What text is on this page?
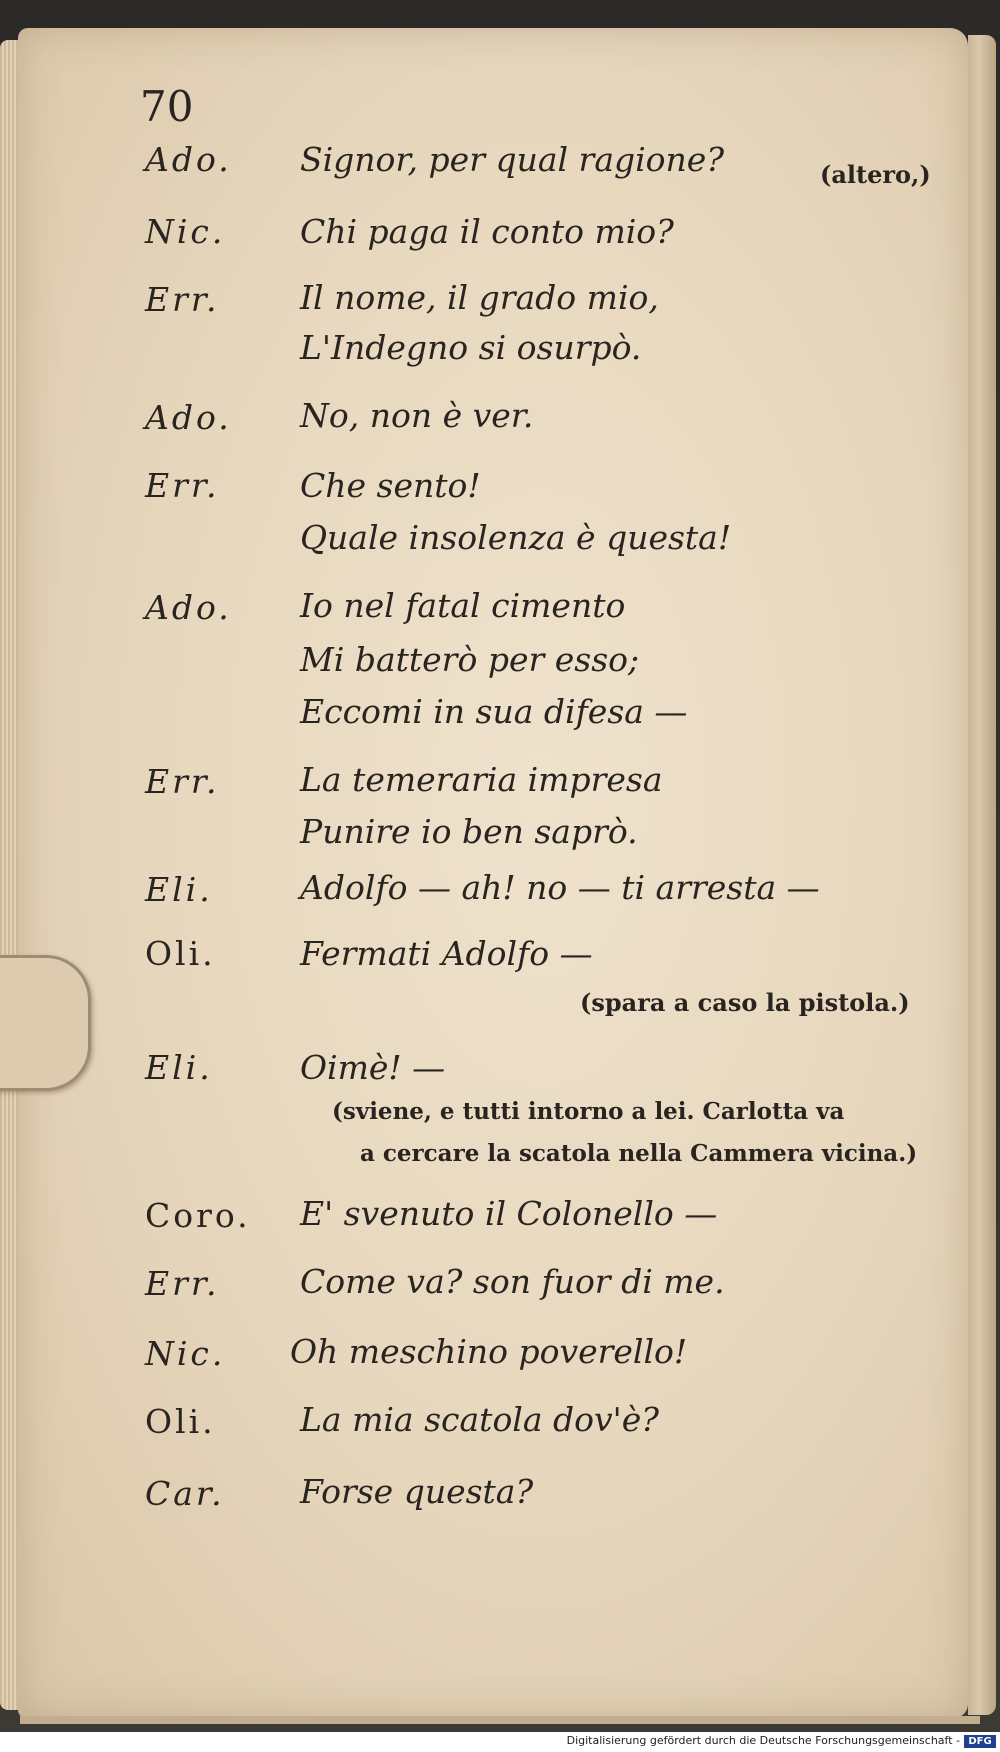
70
Ado. Signor, per qual ragione?	(altero,)
Nic. Chi paga il conto mio?
Err. Il nome, il grado mio,
L'Indegno si osurpò.
Ado. No, non è ver.
Err. Che sento!
Quale insolenza è questa!
Ado. Io nel fatal cimento
Mi batterò per esso;
Eccomi in sua difesa —
Err. La temeraria impresa
Punire io ben saprò.
Eli.	Adolfo — ah! no — ti arresta —
Oli.	Fermati Adolfo —
(spara a caso la pistola.)
Eli.	Oimè! —
(sviene, e tutti intorno a lei. Carlotta va
a cercare la scatola nella Cammera vicina.)
Coro. E' svenuto il Colonello —
Err. Come va? son fuor di me.
Nic. Oh meschino poverello!
Oli.	La mia scatola dov'è?
Car. Forse questa?
Digitalisierung gefördert durch die Deutsche Forschungsgemeinschaft - DFG
